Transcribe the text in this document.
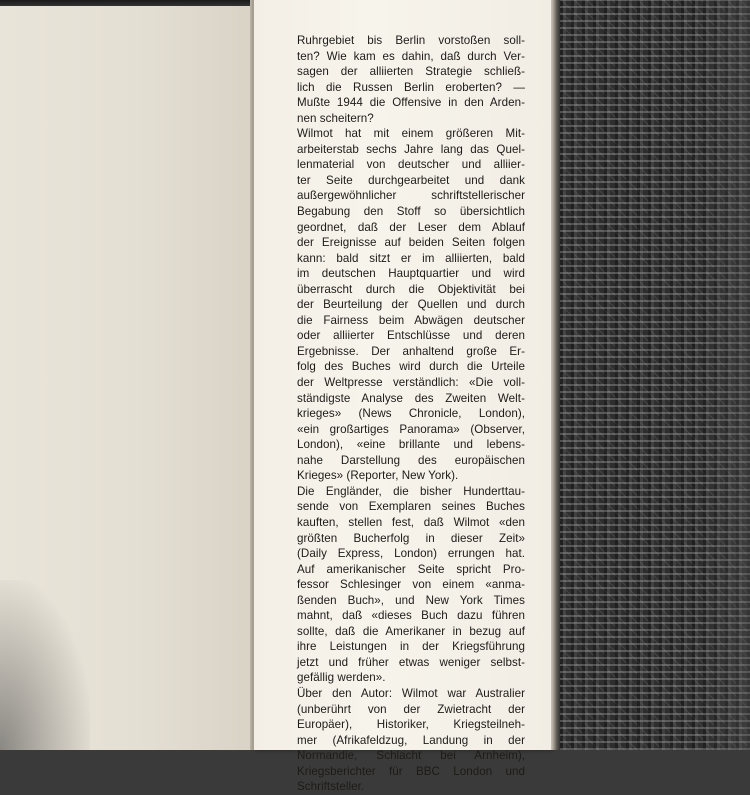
Ruhrgebiet bis Berlin vorstoßen soll-
ten? Wie kam es dahin, daß durch Ver-
sagen der alliierten Strategie schließ-
lich die Russen Berlin eroberten? —
Mußte 1944 die Offensive in den Arden-
nen scheitern?
Wilmot hat mit einem größeren Mit-
arbeiterstab sechs Jahre lang das Quel-
lenmaterial von deutscher und alliier-
ter Seite durchgearbeitet und dank
außergewöhnlicher schriftstellerischer
Begabung den Stoff so übersichtlich
geordnet, daß der Leser dem Ablauf
der Ereignisse auf beiden Seiten folgen
kann: bald sitzt er im alliierten, bald
im deutschen Hauptquartier und wird
überrascht durch die Objektivität bei
der Beurteilung der Quellen und durch
die Fairness beim Abwägen deutscher
oder alliierter Entschlüsse und deren
Ergebnisse. Der anhaltend große Er-
folg des Buches wird durch die Urteile
der Weltpresse verständlich: «Die voll-
ständigste Analyse des Zweiten Welt-
krieges» (News Chronicle, London),
«ein großartiges Panorama» (Observer,
London), «eine brillante und lebens-
nahe Darstellung des europäischen
Krieges» (Reporter, New York).
Die Engländer, die bisher Hunderttau-
sende von Exemplaren seines Buches
kauften, stellen fest, daß Wilmot «den
größten Bucherfolg in dieser Zeit»
(Daily Express, London) errungen hat.
Auf amerikanischer Seite spricht Pro-
fessor Schlesinger von einem «anma-
ßenden Buch», und New York Times
mahnt, daß «dieses Buch dazu führen
sollte, daß die Amerikaner in bezug auf
ihre Leistungen in der Kriegsführung
jetzt und früher etwas weniger selbst-
gefällig werden».
Über den Autor: Wilmot war Australier
(unberührt von der Zwietracht der
Europäer), Historiker, Kriegsteilneh-
mer (Afrikafeldzug, Landung in der
Normandie, Schlacht bei Arnheim),
Kriegsberichter für BBC London und
Schriftsteller.
